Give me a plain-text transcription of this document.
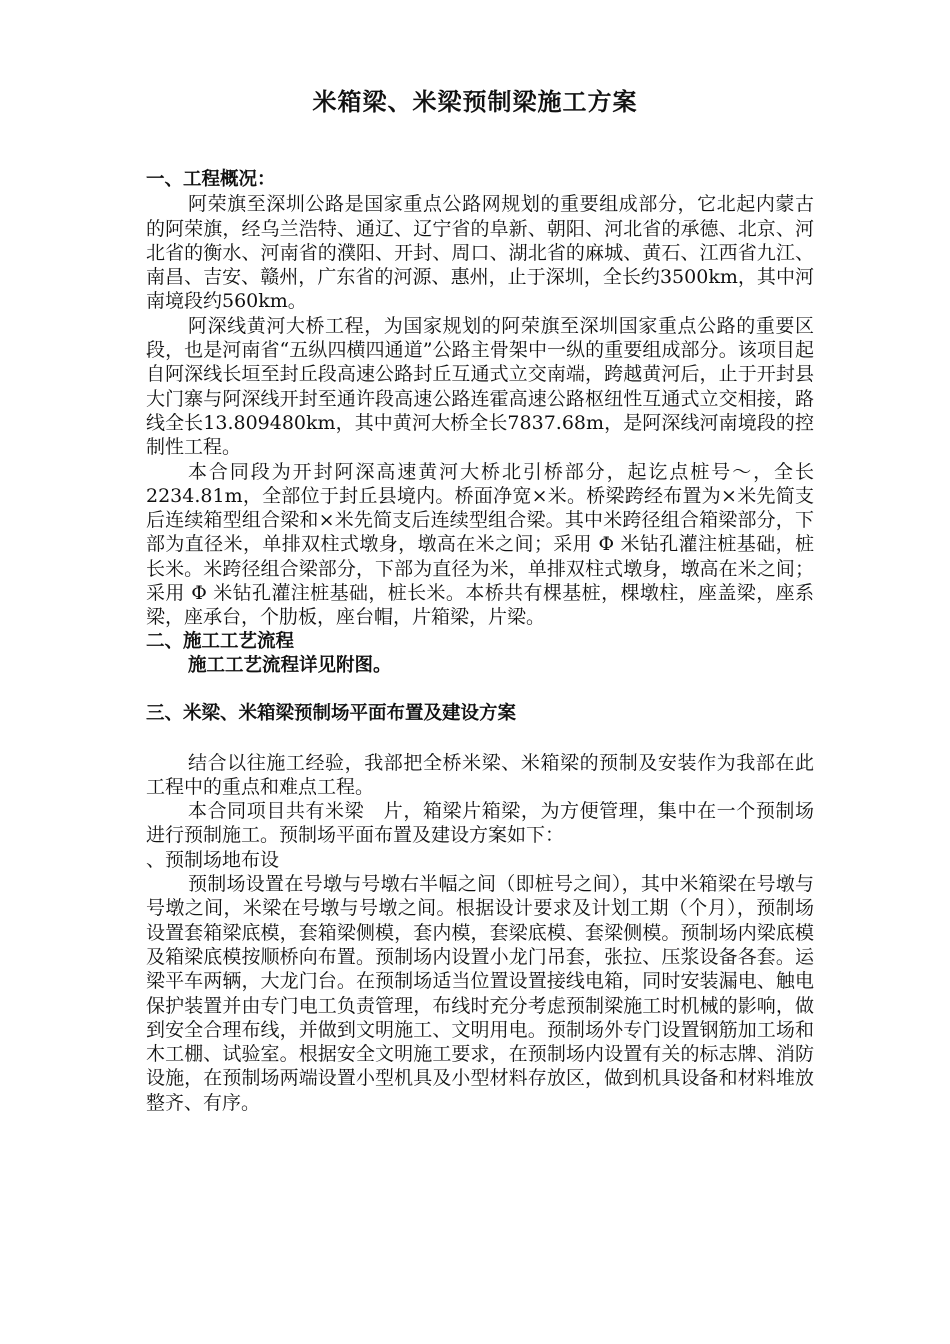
米箱梁、米梁预制梁施工方案

一、工程概况：

阿荣旗至深圳公路是国家重点公路网规划的重要组成部分，它北起内蒙古的阿荣旗，经乌兰浩特、通辽、辽宁省的阜新、朝阳、河北省的承德、北京、河北省的衡水、河南省的濮阳、开封、周口、湖北省的麻城、黄石、江西省九江、南昌、吉安、赣州，广东省的河源、惠州，止于深圳，全长约3500km，其中河南境段约560km。

阿深线黄河大桥工程，为国家规划的阿荣旗至深圳国家重点公路的重要区段，也是河南省“五纵四横四通道”公路主骨架中一纵的重要组成部分。该项目起自阿深线长垣至封丘段高速公路封丘互通式立交南端，跨越黄河后，止于开封县大门寨与阿深线开封至通许段高速公路连霍高速公路枢纽性互通式立交相接，路线全长13.809480km，其中黄河大桥全长7837.68m，是阿深线河南境段的控制性工程。

本合同段为开封阿深高速黄河大桥北引桥部分，起讫点桩号～，全长2234.81m，全部位于封丘县境内。桥面净宽×米。桥梁跨经布置为×米先简支后连续箱型组合梁和×米先简支后连续型组合梁。其中米跨径组合箱梁部分，下部为直径米，单排双柱式墩身，墩高在米之间；采用 Φ 米钻孔灌注桩基础，桩长米。米跨径组合梁部分，下部为直径为米，单排双柱式墩身，墩高在米之间；采用 Φ 米钻孔灌注桩基础，桩长米。本桥共有棵基桩，棵墩柱，座盖梁，座系梁，座承台，个肋板，座台帽，片箱梁，片梁。

二、施工工艺流程

施工工艺流程详见附图。

三、米梁、米箱梁预制场平面布置及建设方案

结合以往施工经验，我部把全桥米梁、米箱梁的预制及安装作为我部在此工程中的重点和难点工程。

本合同项目共有米梁　片，箱梁片箱梁，为方便管理，集中在一个预制场进行预制施工。预制场平面布置及建设方案如下：

、预制场地布设

预制场设置在号墩与号墩右半幅之间（即桩号之间），其中米箱梁在号墩与号墩之间，米梁在号墩与号墩之间。根据设计要求及计划工期（个月），预制场设置套箱梁底模，套箱梁侧模，套内模，套梁底模、套梁侧模。预制场内梁底模及箱梁底模按顺桥向布置。预制场内设置小龙门吊套，张拉、压浆设备各套。运梁平车两辆，大龙门台。在预制场适当位置设置接线电箱，同时安装漏电、触电保护装置并由专门电工负责管理，布线时充分考虑预制梁施工时机械的影响，做到安全合理布线，并做到文明施工、文明用电。预制场外专门设置钢筋加工场和木工棚、试验室。根据安全文明施工要求，在预制场内设置有关的标志牌、消防设施，在预制场两端设置小型机具及小型材料存放区，做到机具设备和材料堆放整齐、有序。
